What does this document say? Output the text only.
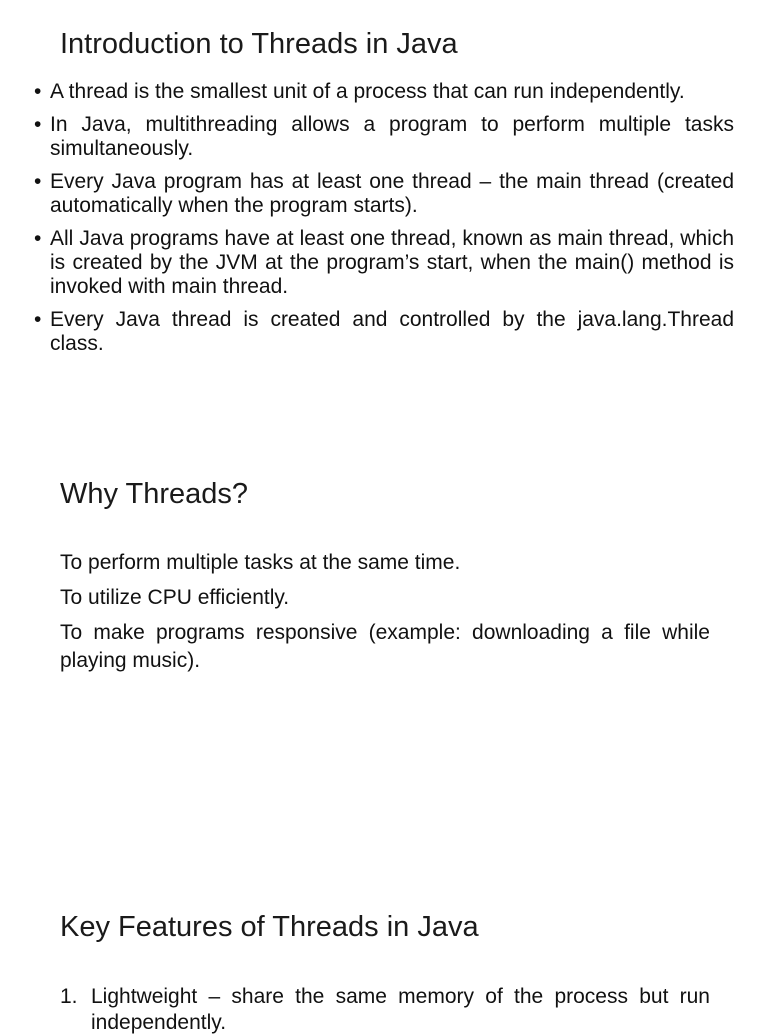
Introduction to Threads in Java
• A thread is the smallest unit of a process that can run independently.
• In Java, multithreading allows a program to perform multiple tasks simultaneously.
• Every Java program has at least one thread – the main thread (created automatically when the program starts).
• All Java programs have at least one thread, known as main thread, which is created by the JVM at the program’s start, when the main() method is invoked with main thread.
• Every Java thread is created and controlled by the java.lang.Thread class.
Why Threads?

To perform multiple tasks at the same time.

To utilize CPU efficiently.

To make programs responsive (example: downloading a file while playing music).

Key Features of Threads in Java
1. Lightweight – share the same memory of the process but run independently.
